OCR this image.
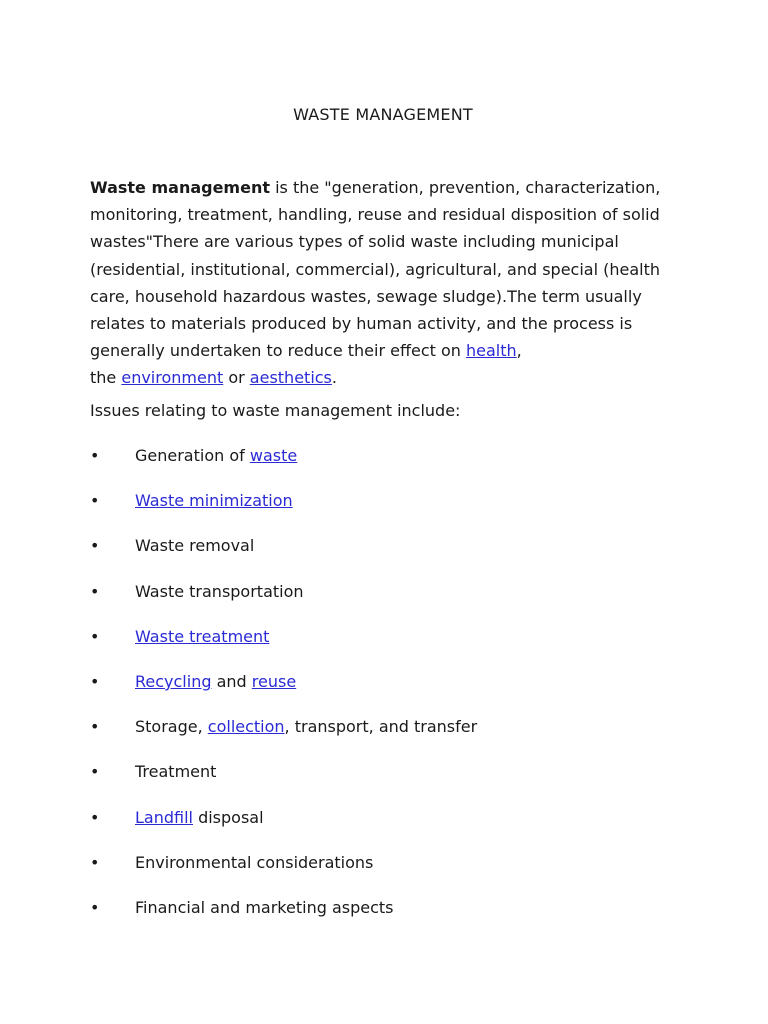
WASTE MANAGEMENT

Waste management is the "generation, prevention, characterization, monitoring, treatment, handling, reuse and residual disposition of solid wastes"There are various types of solid waste including municipal (residential, institutional, commercial), agricultural, and special (health care, household hazardous wastes, sewage sludge).The term usually relates to materials produced by human activity, and the process is generally undertaken to reduce their effect on health,
the environment or aesthetics.

Issues relating to waste management include:

• Generation of waste
• Waste minimization
• Waste removal
• Waste transportation
• Waste treatment
• Recycling and reuse
• Storage, collection, transport, and transfer
• Treatment
• Landfill disposal
• Environmental considerations
• Financial and marketing aspects
